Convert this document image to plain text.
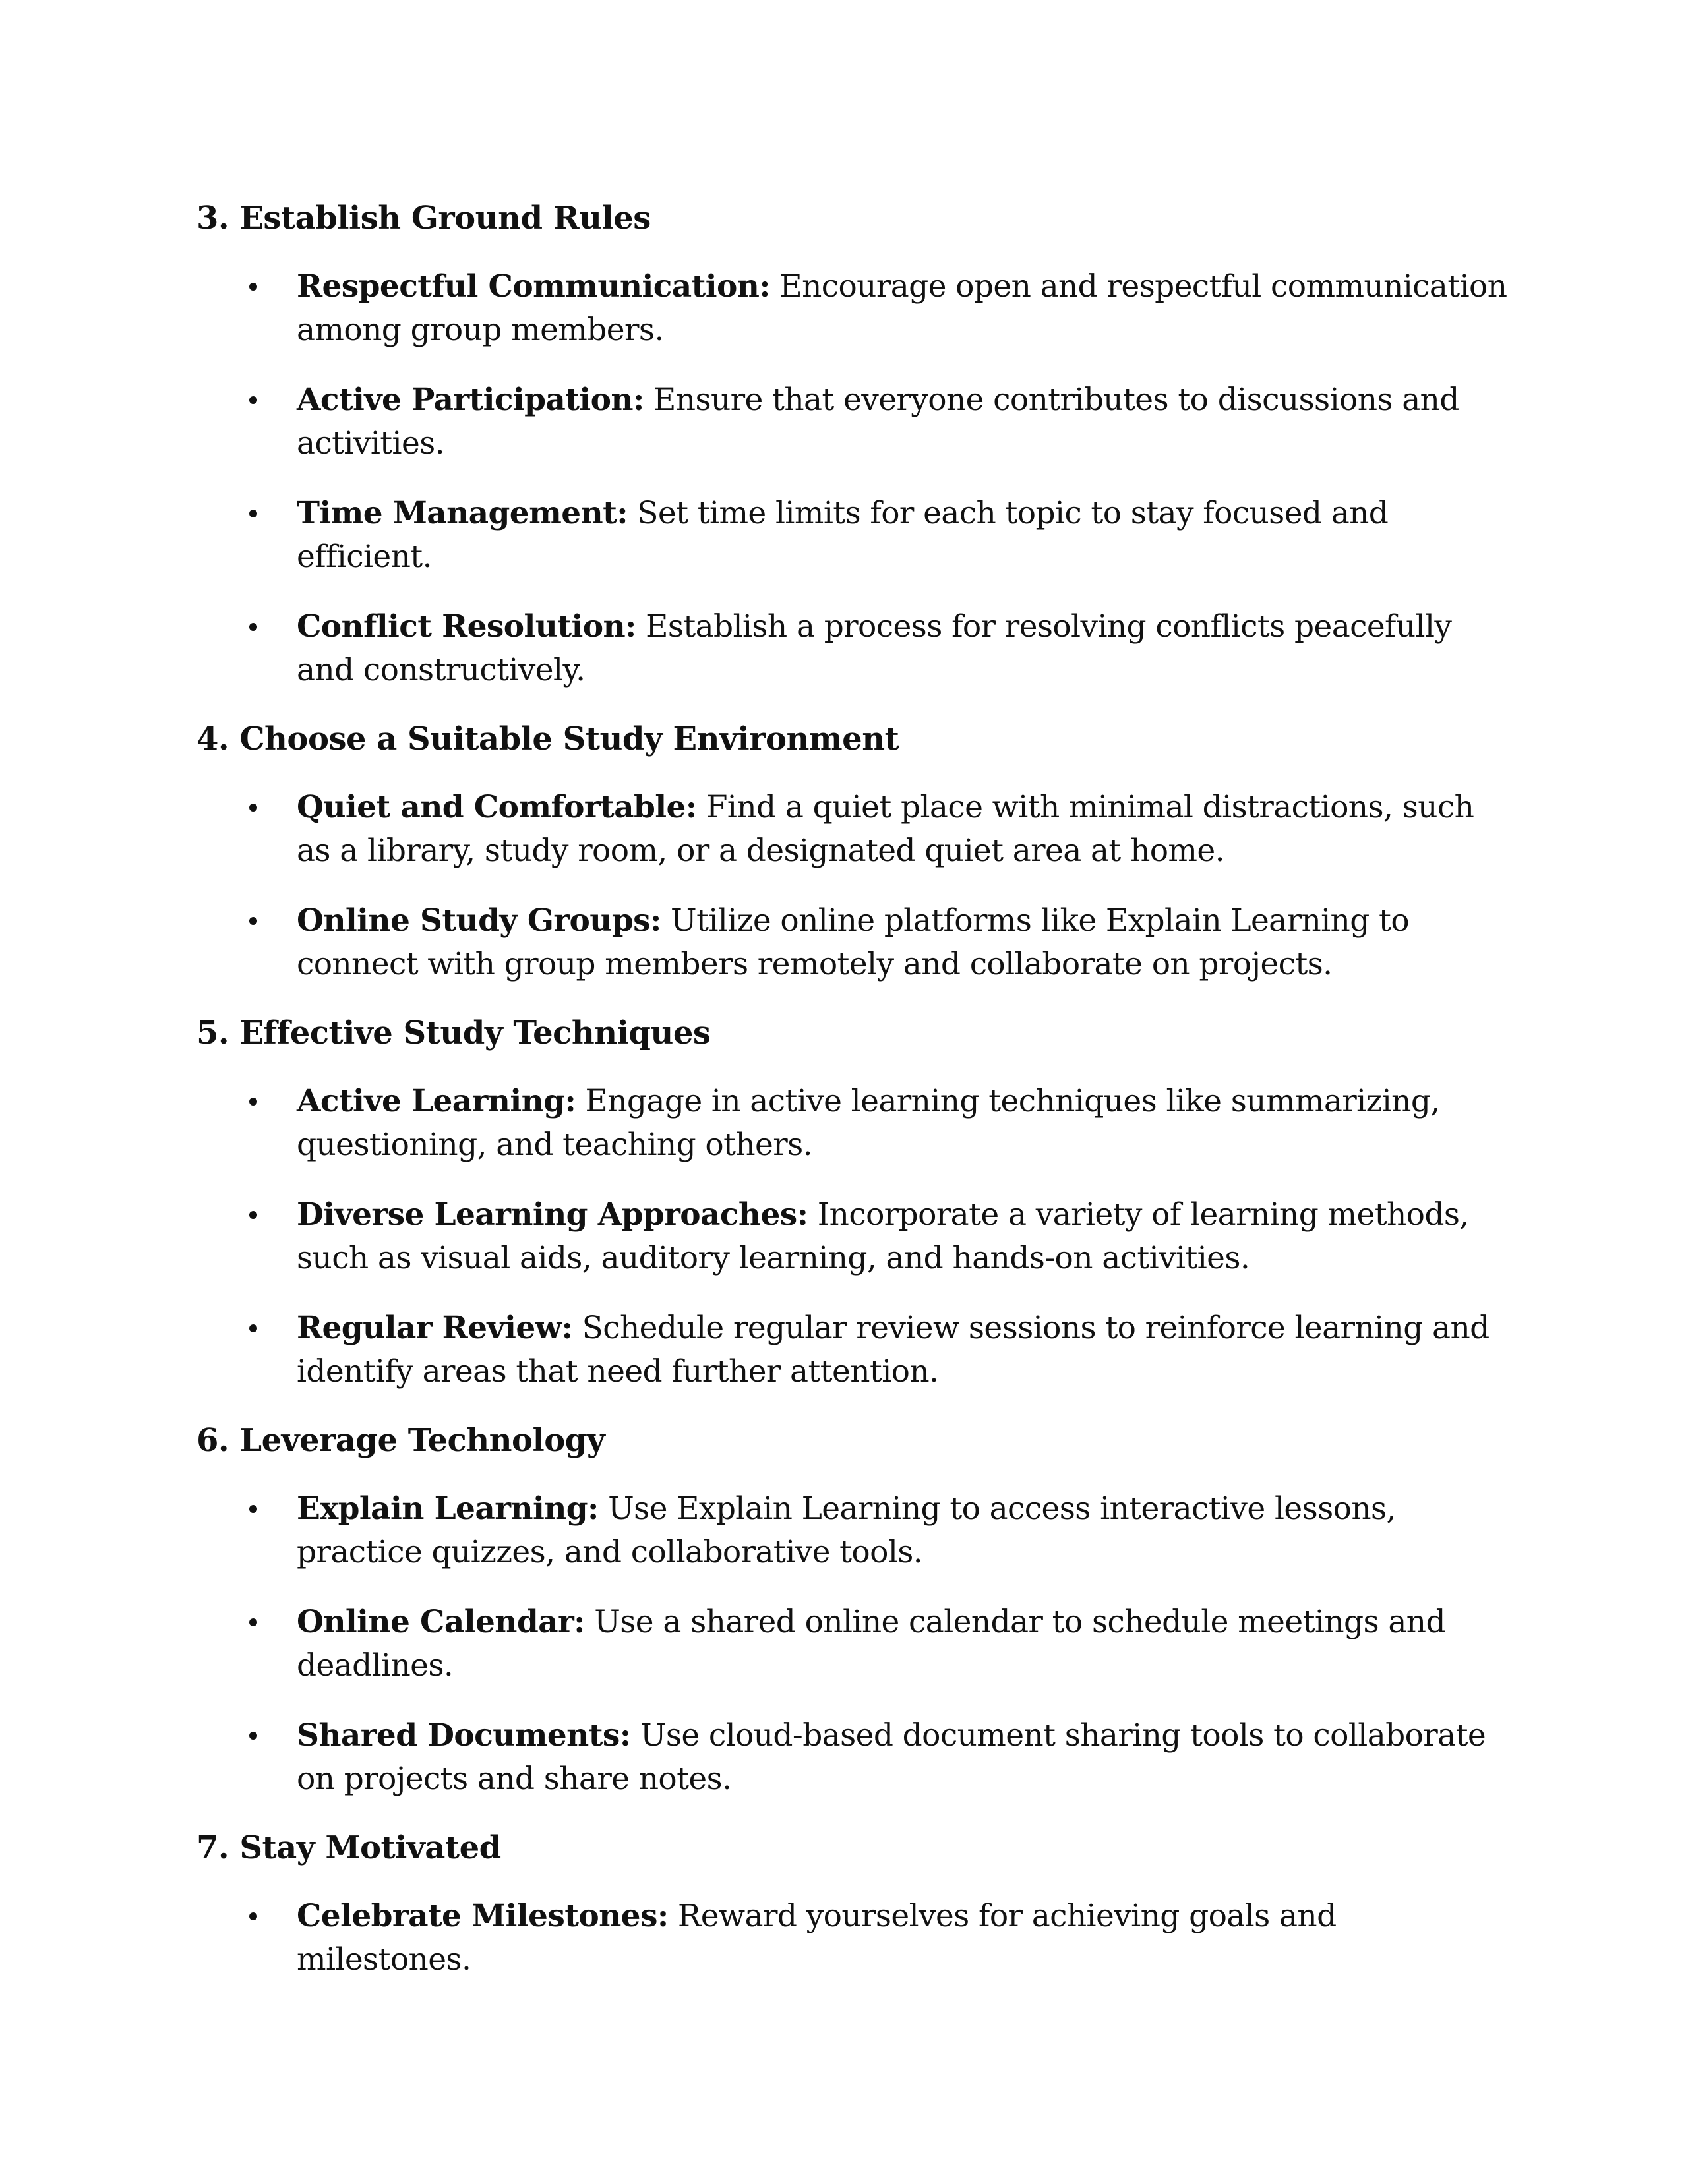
3. Establish Ground Rules
Respectful Communication: Encourage open and respectful communication among group members.
Active Participation: Ensure that everyone contributes to discussions and activities.
Time Management: Set time limits for each topic to stay focused and efficient.
Conflict Resolution: Establish a process for resolving conflicts peacefully and constructively.
4. Choose a Suitable Study Environment
Quiet and Comfortable: Find a quiet place with minimal distractions, such as a library, study room, or a designated quiet area at home.
Online Study Groups: Utilize online platforms like Explain Learning to connect with group members remotely and collaborate on projects.
5. Effective Study Techniques
Active Learning: Engage in active learning techniques like summarizing, questioning, and teaching others.
Diverse Learning Approaches: Incorporate a variety of learning methods, such as visual aids, auditory learning, and hands-on activities.
Regular Review: Schedule regular review sessions to reinforce learning and identify areas that need further attention.
6. Leverage Technology
Explain Learning: Use Explain Learning to access interactive lessons, practice quizzes, and collaborative tools.
Online Calendar: Use a shared online calendar to schedule meetings and deadlines.
Shared Documents: Use cloud-based document sharing tools to collaborate on projects and share notes.
7. Stay Motivated
Celebrate Milestones: Reward yourselves for achieving goals and milestones.
